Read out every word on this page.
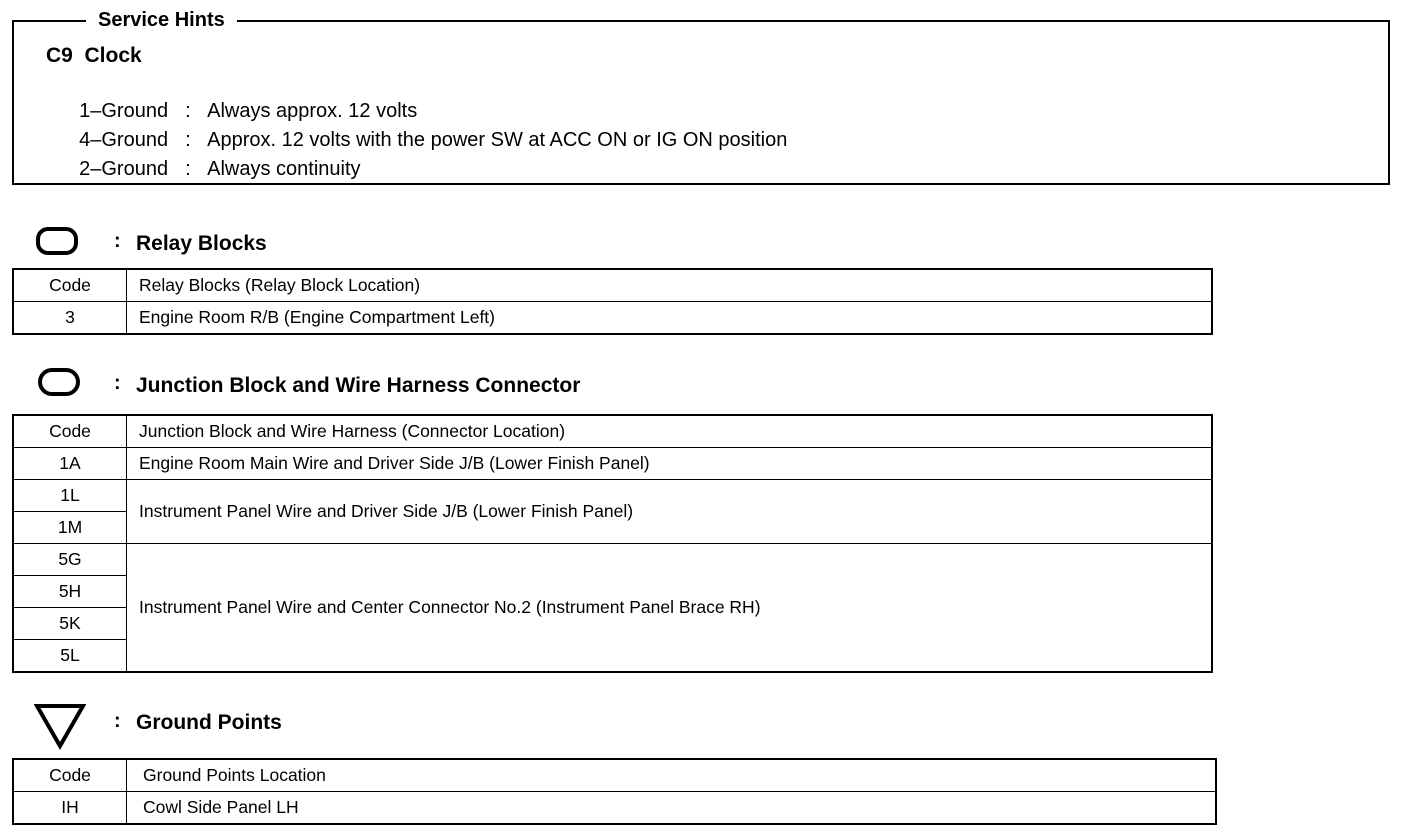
Service Hints
C9  Clock

1–Ground : Always approx. 12 volts

4–Ground : Approx. 12 volts with the power SW at ACC ON or IG ON position

2–Ground : Always continuity

: Relay Blocks
Code	Relay Blocks (Relay Block Location)
3	Engine Room R/B (Engine Compartment Left)
: Junction Block and Wire Harness Connector
Code	Junction Block and Wire Harness (Connector Location)
1A	Engine Room Main Wire and Driver Side J/B (Lower Finish Panel)
1L	Instrument Panel Wire and Driver Side J/B (Lower Finish Panel)
1M	
5G	Instrument Panel Wire and Center Connector No.2 (Instrument Panel Brace RH)
5H	
5K	
5L	
: Ground Points
Code	Ground Points Location
IH	Cowl Side Panel LH
